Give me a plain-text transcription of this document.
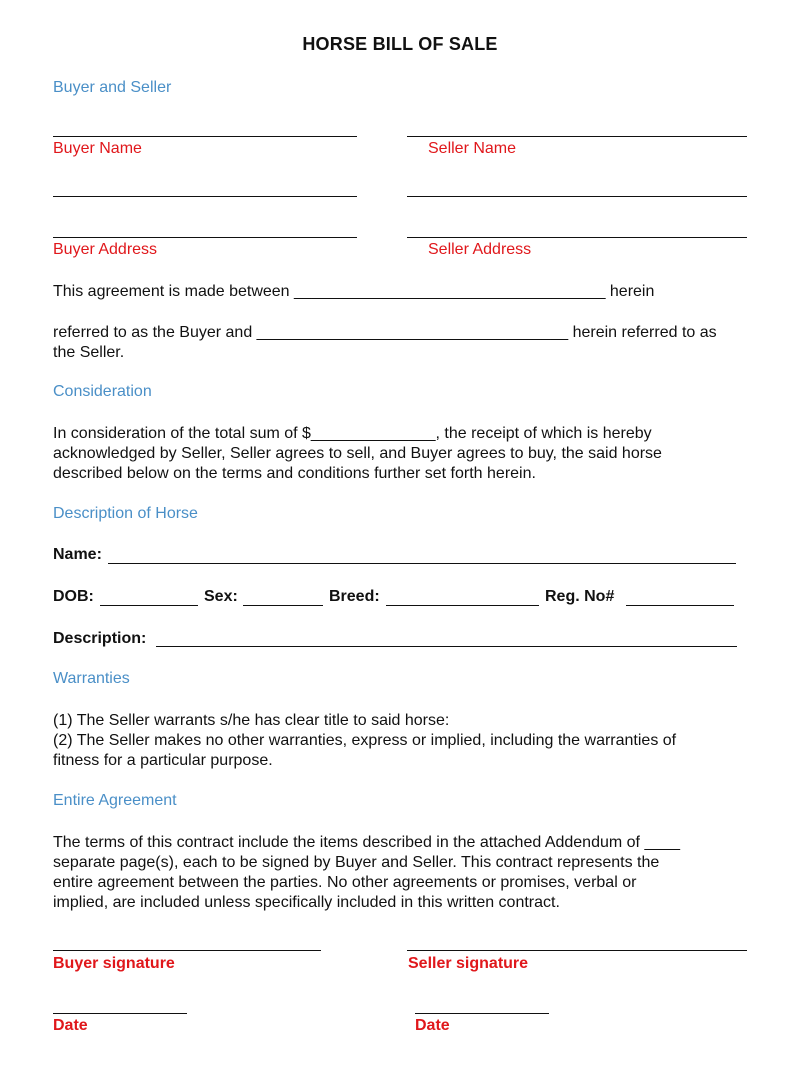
HORSE BILL OF SALE
Buyer and Seller
Buyer Name	Seller Name
Buyer Address	Seller Address
This agreement is made between ___________________________________ herein
referred to as the Buyer and ___________________________________ herein referred to as
the Seller.
Consideration
In consideration of the total sum of $______________, the receipt of which is hereby
acknowledged by Seller, Seller agrees to sell, and Buyer agrees to buy, the said horse
described below on the terms and conditions further set forth herein.
Description of Horse
Name:
DOB:	Sex:	Breed:	Reg. No#
Description:
Warranties
(1) The Seller warrants s/he has clear title to said horse:
(2) The Seller makes no other warranties, express or implied, including the warranties of
fitness for a particular purpose.
Entire Agreement
The terms of this contract include the items described in the attached Addendum of ____
separate page(s), each to be signed by Buyer and Seller. This contract represents the
entire agreement between the parties. No other agreements or promises, verbal or
implied, are included unless specifically included in this written contract.
Buyer signature	Seller signature
Date	Date
